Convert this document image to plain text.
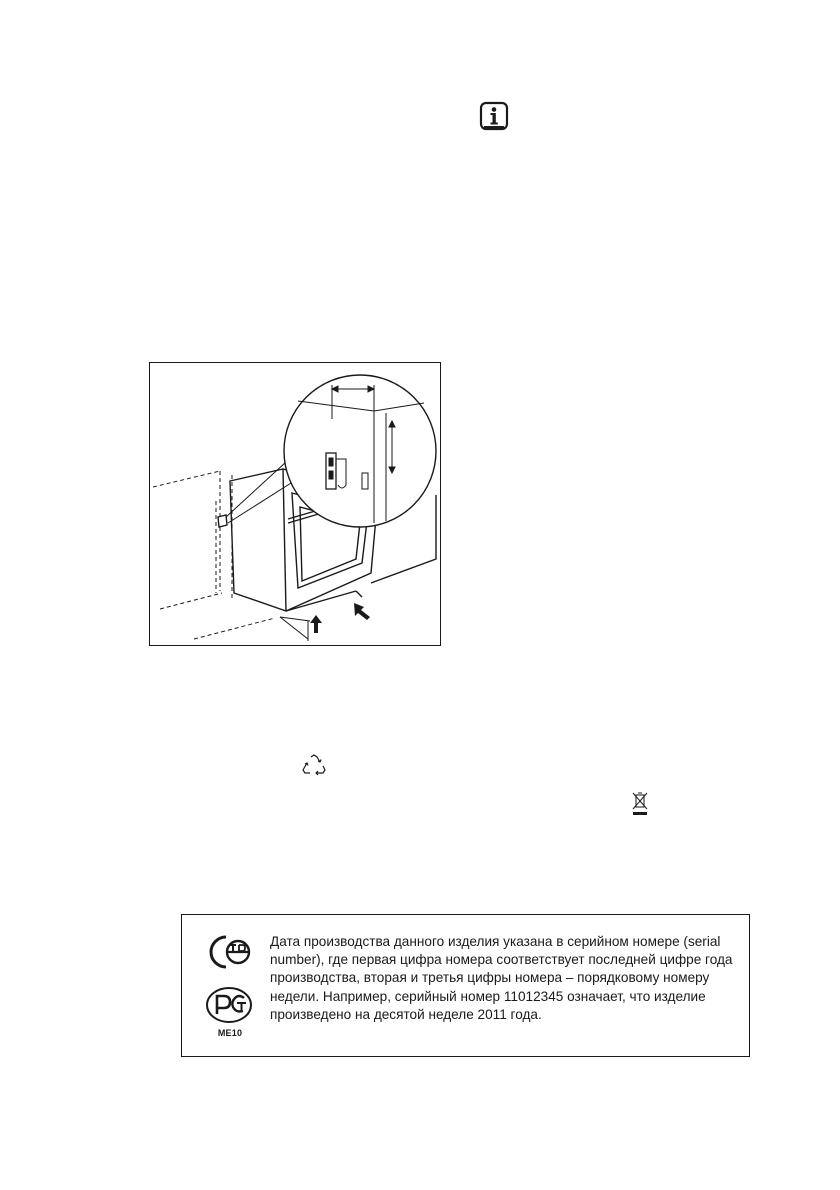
ME10

Дата производства данного изделия указана в серийном номере (serial number), где первая цифра номера соответствует последней цифре года производства, вторая и третья цифры номера – порядковому номеру недели. Например, серийный номер 11012345 означает, что изделие произведено на десятой неделе 2011 года.
